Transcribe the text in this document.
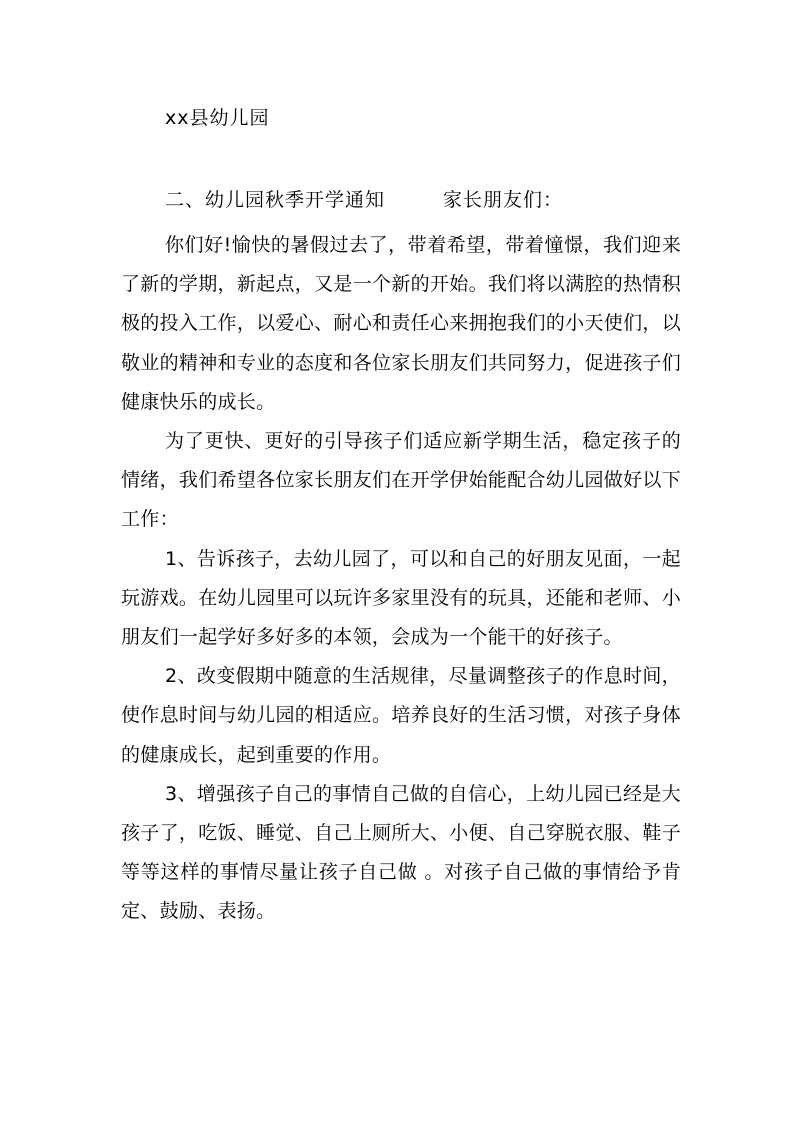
xx县幼儿园
二、幼儿园秋季开学通知	家长朋友们：

你们好!愉快的暑假过去了，带着希望，带着憧憬，我们迎来了新的学期，新起点，又是一个新的开始。我们将以满腔的热情积极的投入工作，以爱心、耐心和责任心来拥抱我们的小天使们，以敬业的精神和专业的态度和各位家长朋友们共同努力，促进孩子们健康快乐的成长。

为了更快、更好的引导孩子们适应新学期生活，稳定孩子的情绪，我们希望各位家长朋友们在开学伊始能配合幼儿园做好以下工作：

1、告诉孩子，去幼儿园了，可以和自己的好朋友见面，一起玩游戏。在幼儿园里可以玩许多家里没有的玩具，还能和老师、小朋友们一起学好多好多的本领，会成为一个能干的好孩子。

2、改变假期中随意的生活规律，尽量调整孩子的作息时间，使作息时间与幼儿园的相适应。培养良好的生活习惯，对孩子身体的健康成长，起到重要的作用。

3、增强孩子自己的事情自己做的自信心，上幼儿园已经是大孩子了，吃饭、睡觉、自己上厕所大、小便、自己穿脱衣服、鞋子等等这样的事情尽量让孩子自己做 。对孩子自己做的事情给予肯定、鼓励、表扬。
